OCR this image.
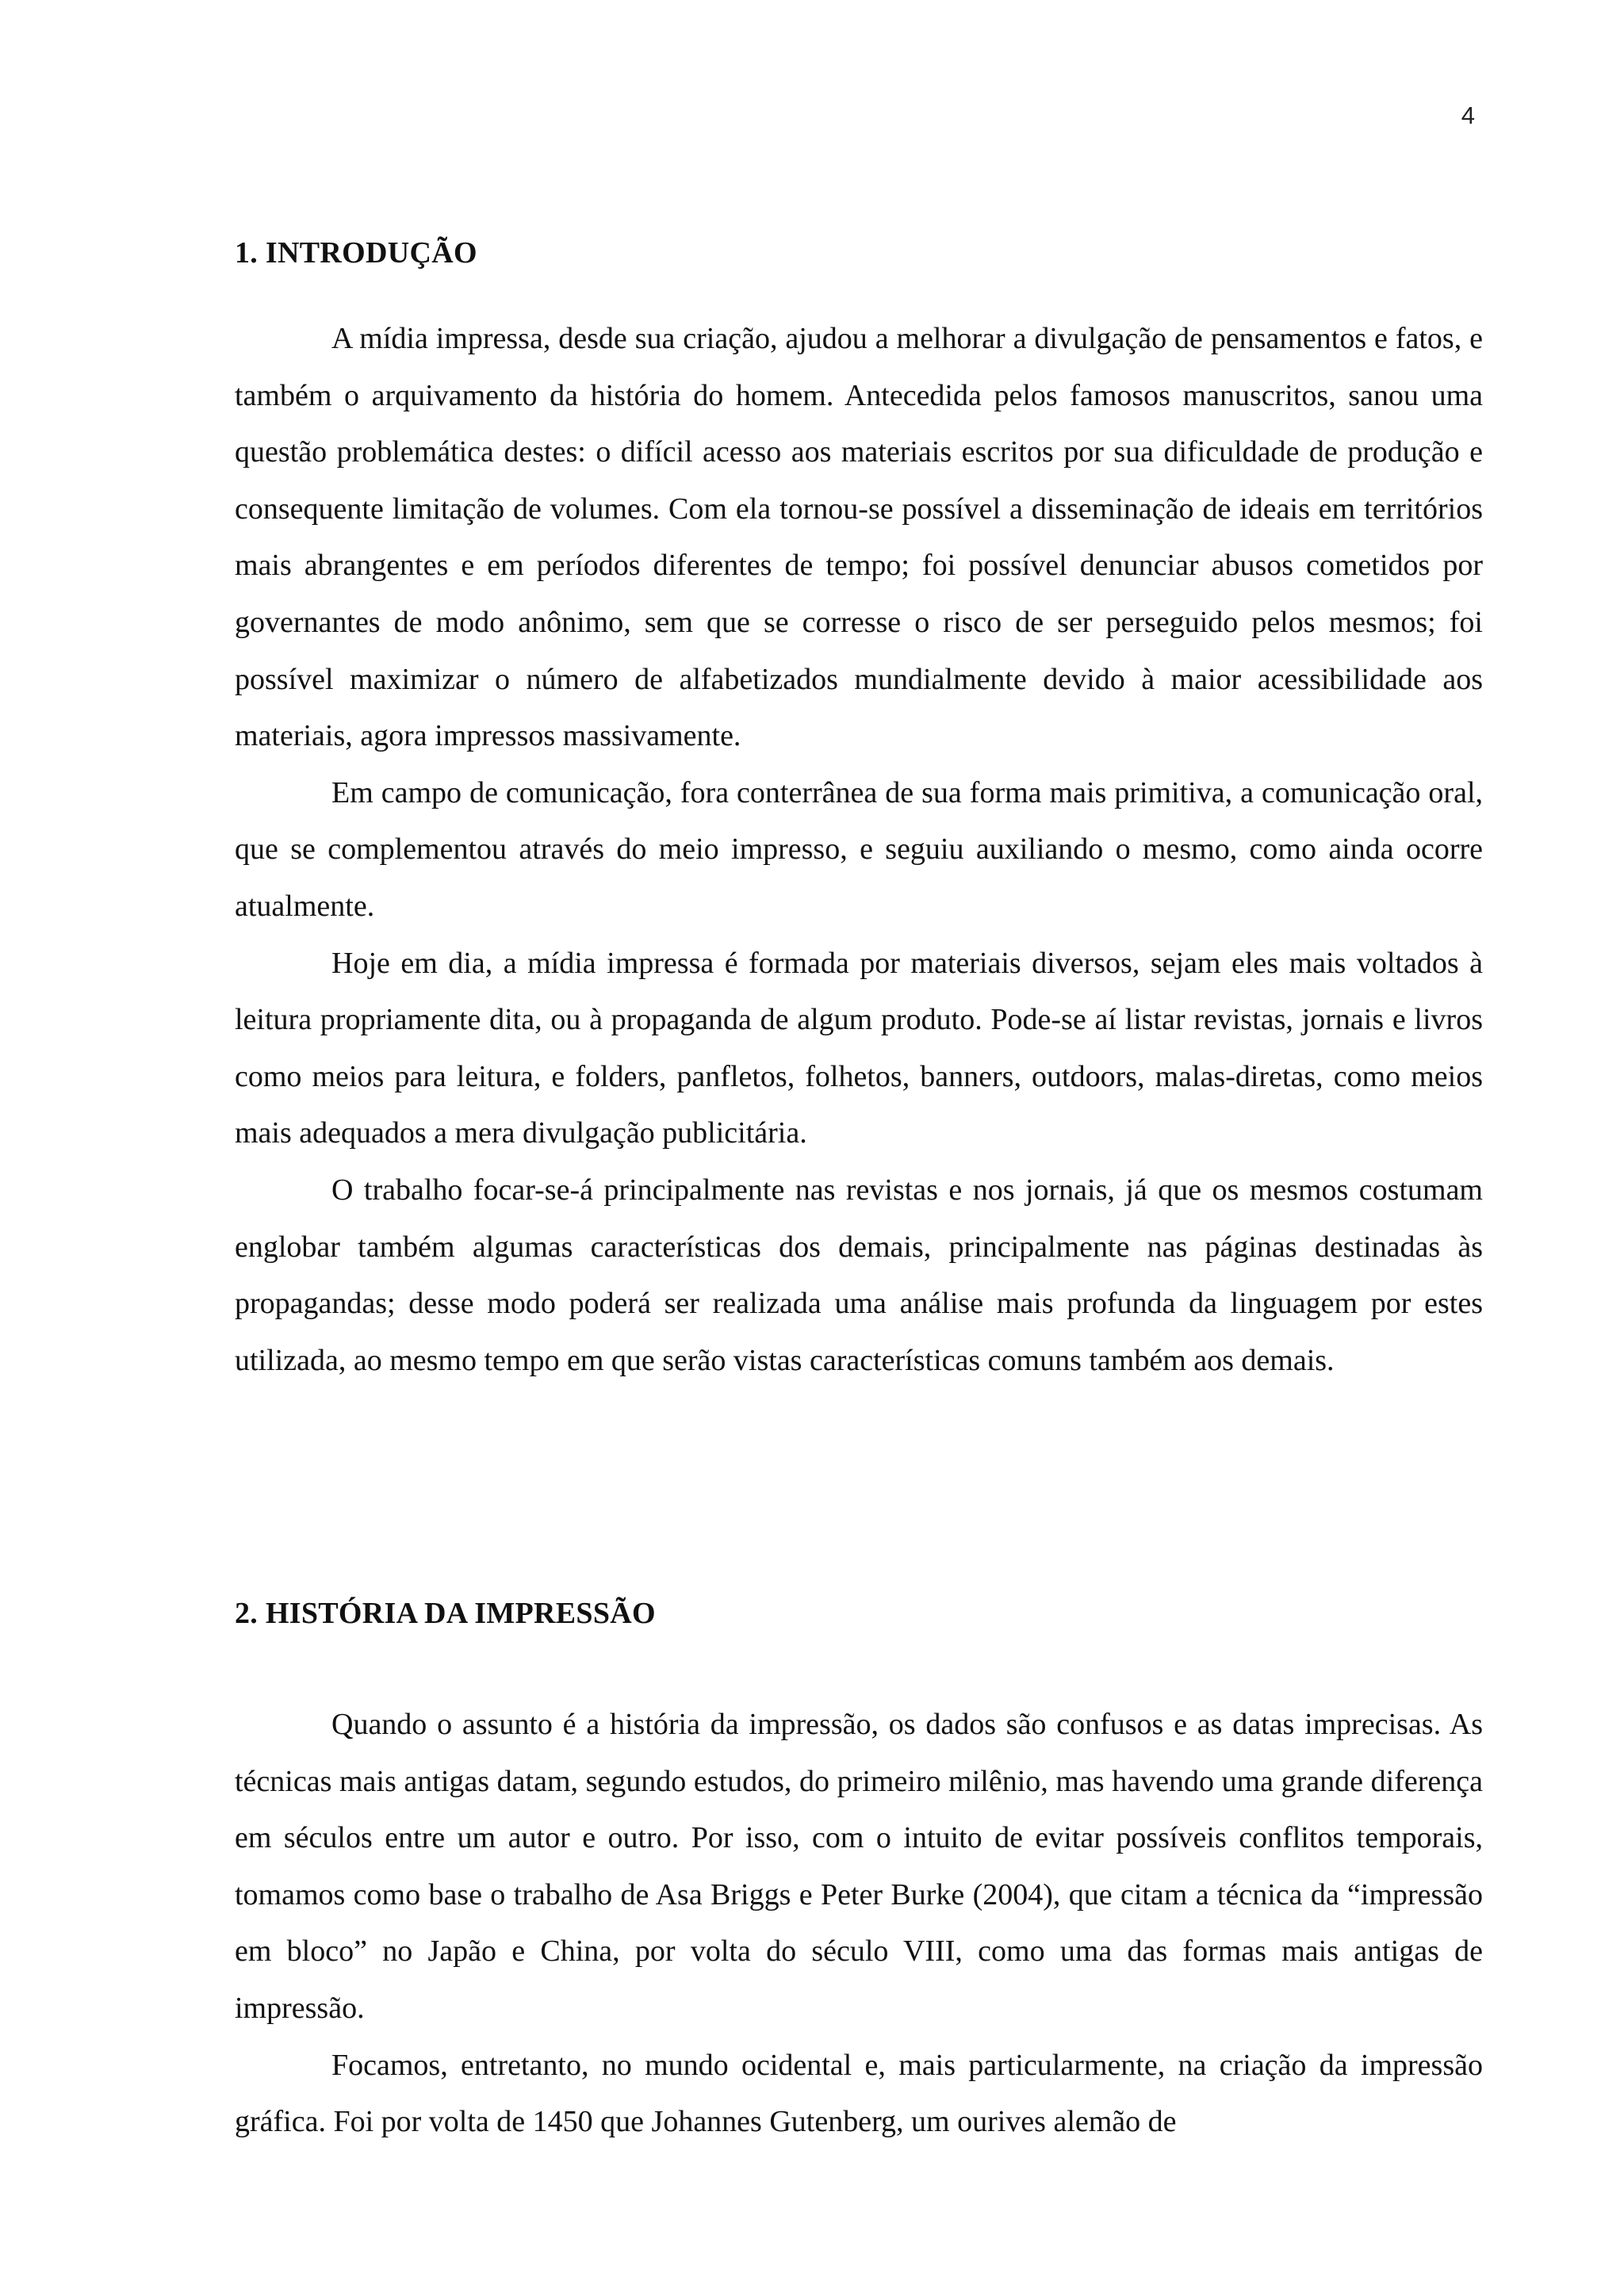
4
1. INTRODUÇÃO

A mídia impressa, desde sua criação, ajudou a melhorar a divulgação de pensamentos e fatos, e também o arquivamento da história do homem. Antecedida pelos famosos manuscritos, sanou uma questão problemática destes: o difícil acesso aos materiais escritos por sua dificuldade de produção e consequente limitação de volumes. Com ela tornou-se possível a disseminação de ideais em territórios mais abrangentes e em períodos diferentes de tempo; foi possível denunciar abusos cometidos por governantes de modo anônimo, sem que se corresse o risco de ser perseguido pelos mesmos; foi possível maximizar o número de alfabetizados mundialmente devido à maior acessibilidade aos materiais, agora impressos massivamente.

Em campo de comunicação, fora conterrânea de sua forma mais primitiva, a comunicação oral, que se complementou através do meio impresso, e seguiu auxiliando o mesmo, como ainda ocorre atualmente.

Hoje em dia, a mídia impressa é formada por materiais diversos, sejam eles mais voltados à leitura propriamente dita, ou à propaganda de algum produto. Pode-se aí listar revistas, jornais e livros como meios para leitura, e folders, panfletos, folhetos, banners, outdoors, malas-diretas, como meios mais adequados a mera divulgação publicitária.

O trabalho focar-se-á principalmente nas revistas e nos jornais, já que os mesmos costumam englobar também algumas características dos demais, principalmente nas páginas destinadas às propagandas; desse modo poderá ser realizada uma análise mais profunda da linguagem por estes utilizada, ao mesmo tempo em que serão vistas características comuns também aos demais.

2. HISTÓRIA DA IMPRESSÃO

Quando o assunto é a história da impressão, os dados são confusos e as datas imprecisas. As técnicas mais antigas datam, segundo estudos, do primeiro milênio, mas havendo uma grande diferença em séculos entre um autor e outro. Por isso, com o intuito de evitar possíveis conflitos temporais, tomamos como base o trabalho de Asa Briggs e Peter Burke (2004), que citam a técnica da “impressão em bloco” no Japão e China, por volta do século VIII, como uma das formas mais antigas de impressão.

Focamos, entretanto, no mundo ocidental e, mais particularmente, na criação da impressão gráfica. Foi por volta de 1450 que Johannes Gutenberg, um ourives alemão de
